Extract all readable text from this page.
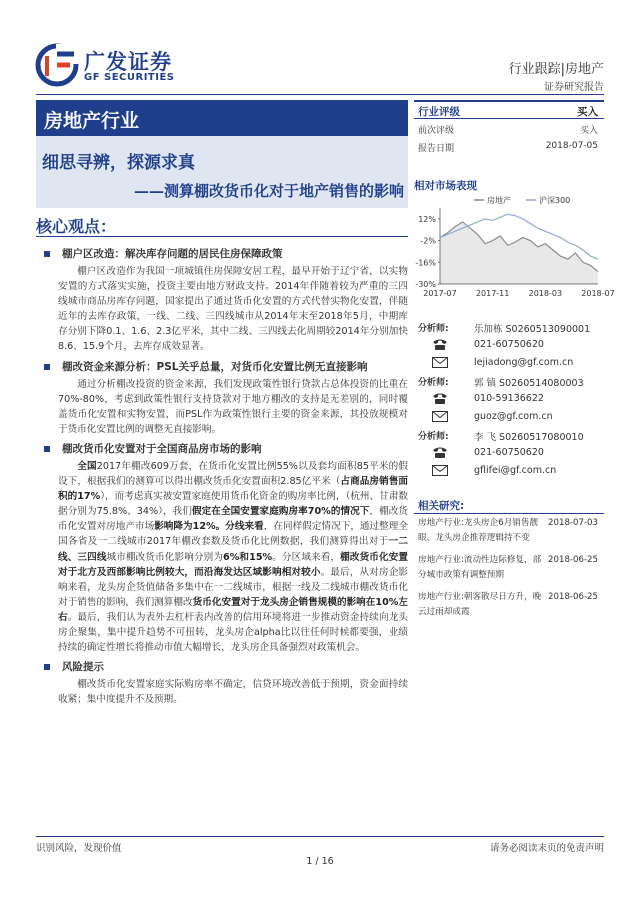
广发证券
GF SECURITIES
行业跟踪|房地产
证券研究报告
房地产行业
细思寻辨，探源求真
——测算棚改货币化对于地产销售的影响
核心观点：
棚户区改造：解决库存问题的居民住房保障政策
棚户区改造作为我国一项城镇住房保障安居工程，最早开始于辽宁省，以实物安置的方式落实实施，投资主要由地方财政支持。2014年伴随着较为严重的三四线城市商品房库存问题，国家提出了通过货币化安置的方式代替实物化安置，伴随近年的去库存政策，一线、二线、三四线城市从2014年末至2018年5月，中期库存分别下降0.1、1.6、2.3亿平米，其中二线、三四线去化周期较2014年分别加快8.6、15.9个月，去库存成效显著。
棚改资金来源分析：PSL关乎总量，对货币化安置比例无直接影响
通过分析棚改投资的资金来源，我们发现政策性银行贷款占总体投资的比重在70%-80%，考虑到政策性银行支持贷款对于地方棚改的支持是无差别的，同时覆盖货币化安置和实物安置，而PSL作为政策性银行主要的资金来源，其投放规模对于货币化安置比例的调整无直接影响。
棚改货币化安置对于全国商品房市场的影响
全国2017年棚改609万套，在货币化安置比例55%以及套均面积85平米的假设下，根据我们的测算可以得出棚改货币化安置面积2.85亿平米（占商品房销售面积的17%），而考虑真实被安置家庭使用货币化资金的购房率比例，（杭州、甘肃数据分别为75.8%、34%），我们假定在全国安置家庭购房率70%的情况下，棚改货币化安置对房地产市场影响降为12%。分线来看，在同样假定情况下，通过整理全国各省及一二线城市2017年棚改套数及货币化比例数据，我们测算得出对于一二线、三四线城市棚改货币化影响分别为6%和15%。分区域来看，棚改货币化安置对于北方及西部影响比例较大，而沿海发达区域影响相对较小。最后，从对房企影响来看，龙头房企货值储备多集中在一二线城市，根据一线及二线城市棚改货币化对于销售的影响，我们测算棚改货币化安置对于龙头房企销售规模的影响在10%左右。最后，我们认为表外去杠杆表内改善的信用环境将进一步推动资金持续向龙头房企聚集，集中提升趋势不可扭转，龙头房企alpha比以往任何时候都要强，业绩持续的确定性增长将推动市值大幅增长，龙头房企具备强烈对政策机会。
风险提示
棚改货币化安置家庭实际购房率不确定，信贷环境改善低于预期，资金面持续收紧；集中度提升不及预期。
行业评级	买入
前次评级	买入
报告日期	2018-07-05
相对市场表现
12%
-2%
-16%
-30%
2017-07 2017-11 2018-03 2018-07
房地产	沪深300
分析师:	乐加栋 S0260513090001
021-60750620
lejiadong@gf.com.cn
分析师:	郭 镇 S0260514080003
010-59136622
guoz@gf.com.cn
分析师:	李 飞 S0260517080010
021-60750620
gflifei@gf.com.cn
相关研究:
房地产行业:龙头房企6月销售靓眼，龙头房企推荐逻辑持不变
2018-07-03
房地产行业:流动性边际修复，部分城市政策有调整预期
2018-06-25
房地产行业:朝客散尽日方升，晚云过雨却成霞
2018-06-25
识别风险，发现价值	请务必阅读末页的免责声明
1 / 16
